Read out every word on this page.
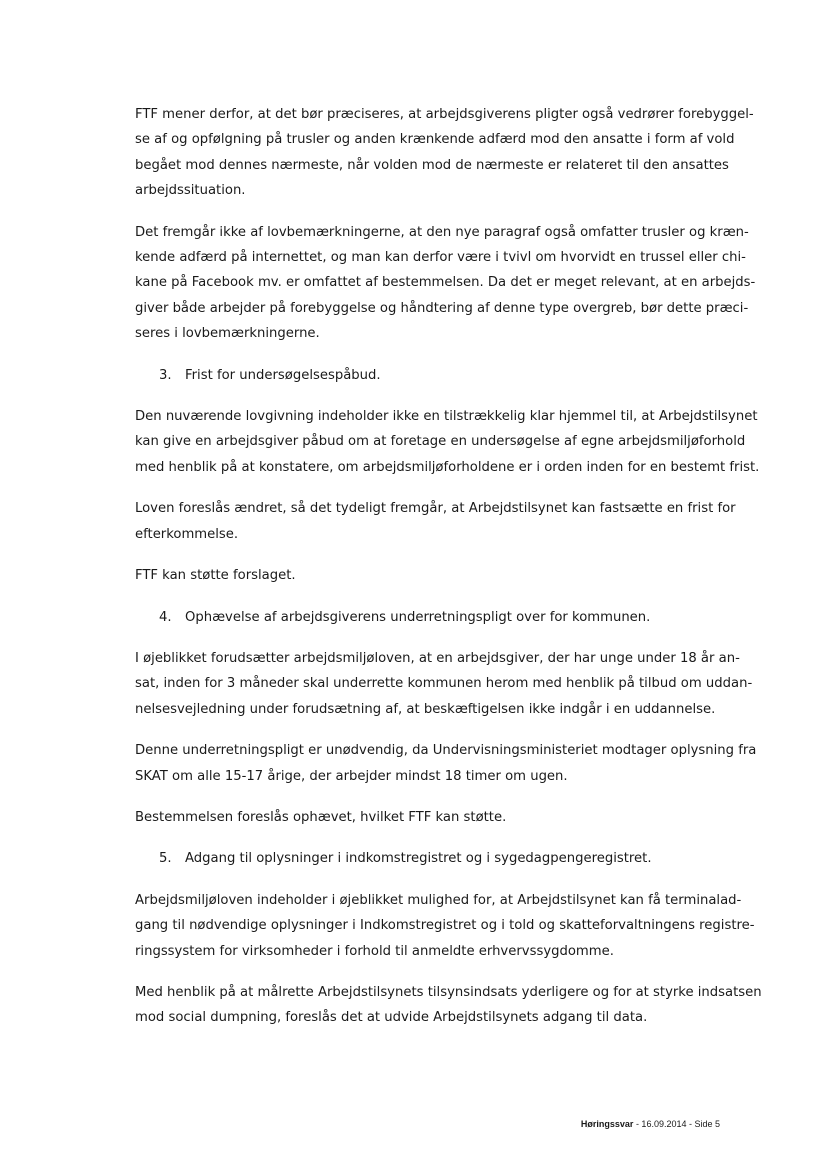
FTF mener derfor, at det bør præciseres, at arbejdsgiverens pligter også vedrører forebyggel-
se af og opfølgning på trusler og anden krænkende adfærd mod den ansatte i form af vold
begået mod dennes nærmeste, når volden mod de nærmeste er relateret til den ansattes
arbejdssituation.

Det fremgår ikke af lovbemærkningerne, at den nye paragraf også omfatter trusler og kræn-
kende adfærd på internettet, og man kan derfor være i tvivl om hvorvidt en trussel eller chi-
kane på Facebook mv. er omfattet af bestemmelsen. Da det er meget relevant, at en arbejds-
giver både arbejder på forebyggelse og håndtering af denne type overgreb, bør dette præci-
seres i lovbemærkningerne.

3. Frist for undersøgelsespåbud.

Den nuværende lovgivning indeholder ikke en tilstrækkelig klar hjemmel til, at Arbejdstilsynet
kan give en arbejdsgiver påbud om at foretage en undersøgelse af egne arbejdsmiljøforhold
med henblik på at konstatere, om arbejdsmiljøforholdene er i orden inden for en bestemt frist.

Loven foreslås ændret, så det tydeligt fremgår, at Arbejdstilsynet kan fastsætte en frist for
efterkommelse.

FTF kan støtte forslaget.

4. Ophævelse af arbejdsgiverens underretningspligt over for kommunen.

I øjeblikket forudsætter arbejdsmiljøloven, at en arbejdsgiver, der har unge under 18 år an-
sat, inden for 3 måneder skal underrette kommunen herom med henblik på tilbud om uddan-
nelsesvejledning under forudsætning af, at beskæftigelsen ikke indgår i en uddannelse.

Denne underretningspligt er unødvendig, da Undervisningsministeriet modtager oplysning fra
SKAT om alle 15-17 årige, der arbejder mindst 18 timer om ugen.

Bestemmelsen foreslås ophævet, hvilket FTF kan støtte.

5. Adgang til oplysninger i indkomstregistret og i sygedagpengeregistret.

Arbejdsmiljøloven indeholder i øjeblikket mulighed for, at Arbejdstilsynet kan få terminalad-
gang til nødvendige oplysninger i Indkomstregistret og i told og skatteforvaltningens registre-
ringssystem for virksomheder i forhold til anmeldte erhvervssygdomme.

Med henblik på at målrette Arbejdstilsynets tilsynsindsats yderligere og for at styrke indsatsen
mod social dumpning, foreslås det at udvide Arbejdstilsynets adgang til data.

Høringssvar - 16.09.2014 - Side 5
